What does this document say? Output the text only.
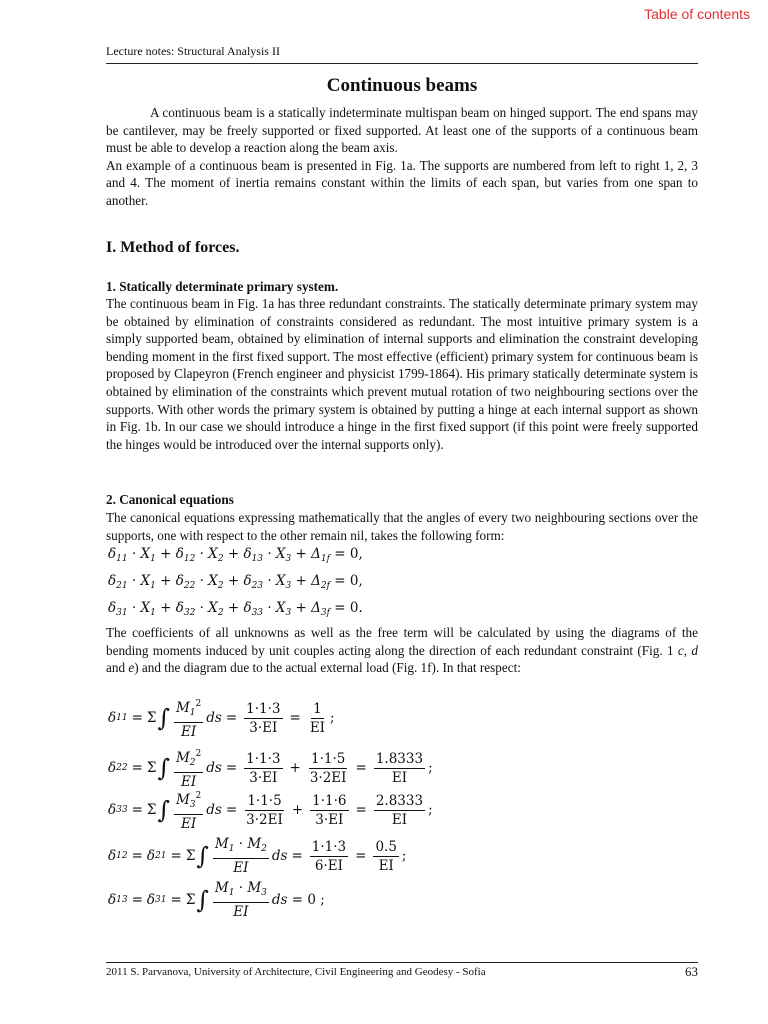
Table of contents
Lecture notes: Structural Analysis II
Continuous beams

A continuous beam is a statically indeterminate multispan beam on hinged support. The end spans may be cantilever, may be freely supported or fixed supported. At least one of the supports of a continuous beam must be able to develop a reaction along the beam axis.

An example of a continuous beam is presented in Fig. 1a. The supports are numbered from left to right 1, 2, 3 and 4. The moment of inertia remains constant within the limits of each span, but varies from one span to another.

I. Method of forces.
1. Statically determinate primary system.
The continuous beam in Fig. 1a has three redundant constraints. The statically determinate primary system may be obtained by elimination of constraints considered as redundant. The most intuitive primary system is a simply supported beam, obtained by elimination of internal supports and elimination the constraint developing bending moment in the first fixed support. The most effective (efficient) primary system for continuous beam is proposed by Clapeyron (French engineer and physicist 1799-1864). His primary statically determinate system is obtained by elimination of the constraints which prevent mutual rotation of two neighbouring sections over the supports. With other words the primary system is obtained by putting a hinge at each internal support as shown in Fig. 1b. In our case we should introduce a hinge in the first fixed support (if this point were freely supported the hinges would be introduced over the internal supports only).
2. Canonical equations
The canonical equations expressing mathematically that the angles of every two neighbouring sections over the supports, one with respect to the other remain nil, takes the following form:
$\delta_{11} \cdot X_1 + \delta_{12} \cdot X_2 + \delta_{13} \cdot X_3 + \Delta_{1f} = 0$,
$\delta_{21} \cdot X_1 + \delta_{22} \cdot X_2 + \delta_{23} \cdot X_3 + \Delta_{2f} = 0$,
$\delta_{31} \cdot X_1 + \delta_{32} \cdot X_2 + \delta_{33} \cdot X_3 + \Delta_{3f} = 0$.
The coefficients of all unknowns as well as the free term will be calculated by using the diagrams of the bending moments induced by unit couples acting along the direction of each redundant constraint (Fig. 1 c, d and e) and the diagram due to the actual external load (Fig. 1f). In that respect:
δ 11 = Σ ∫ $\frac{M_1^2}{EI}$ ds = $\frac{1\cdot 1\cdot 3}{3\cdot EI} = \frac{1}{EI}$ ;
δ 22 = Σ ∫ $\frac{M_2^2}{EI}$ ds = $\frac{1\cdot 1\cdot 3}{3\cdot EI} + \frac{1\cdot 1\cdot 5}{3\cdot 2EI} = \frac{1.8333}{EI}$ ;
δ 33 = Σ ∫ $\frac{M_3^2}{EI}$ ds = $\frac{1\cdot 1\cdot 5}{3\cdot 2EI} + \frac{1\cdot 1\cdot 6}{3\cdot EI} = \frac{2.8333}{EI}$ ;
δ 12 = δ 21 = Σ ∫ $\frac{M_1 \cdot M_2}{EI}$ ds = $\frac{1\cdot 1\cdot 3}{6\cdot EI} = \frac{0.5}{EI}$ ;
δ 13 = δ 31 = Σ ∫ $\frac{M_1 \cdot M_3}{EI}$ ds
= 0 ;
2011 S. Parvanova, University of Architecture, Civil Engineering and Geodesy - Sofia	63
